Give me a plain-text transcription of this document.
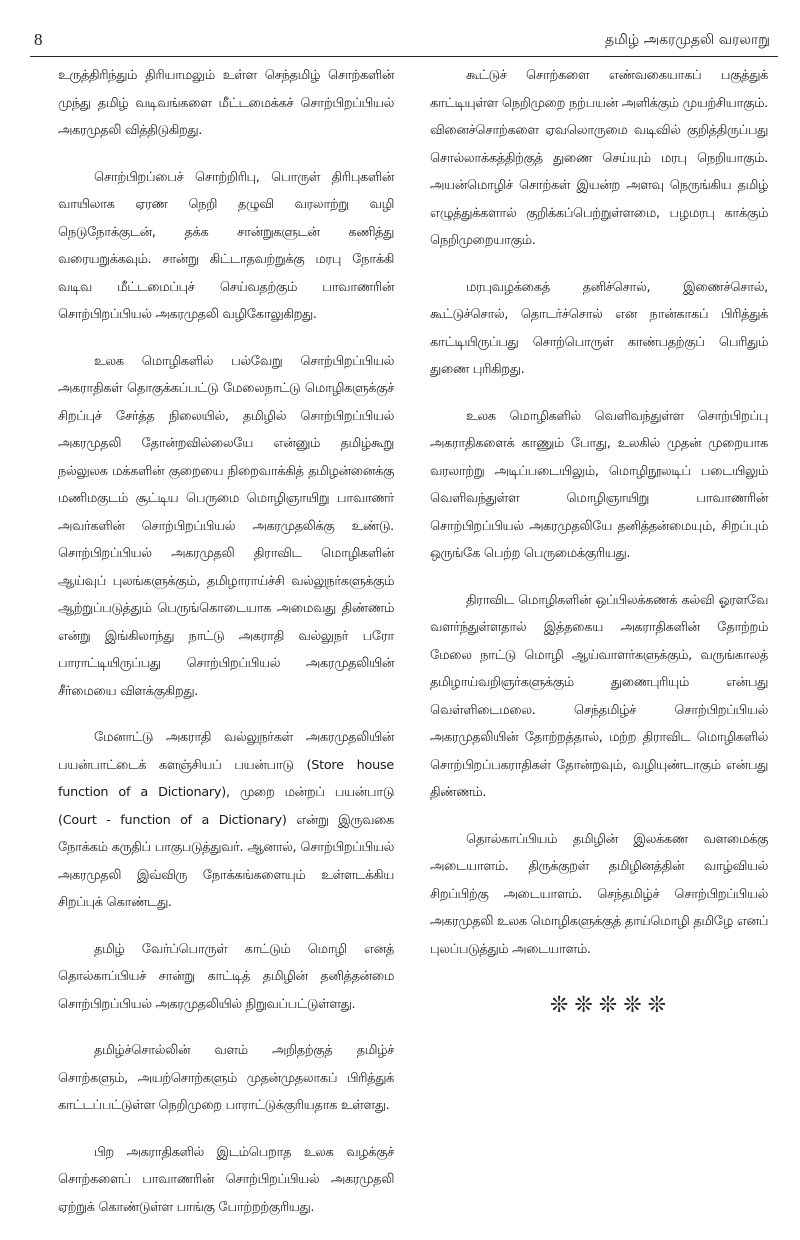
8	தமிழ் அகரமுதலி வரலாறு

உருத்திரிந்தும் திரியாமலும் உள்ள செந்தமிழ் சொற்களின் முந்து தமிழ் வடிவங்களை மீட்டமைக்கச் சொற்பிறப்பியல் அகரமுதலி வித்திடுகிறது.

சொற்பிறப்பைச் சொற்றிரிபு, பொருள் திரிபுகளின் வாயிலாக ஏரண நெறி தழுவி வரலாற்று வழி நெடுநோக்குடன், தக்க சான்றுகளுடன் கணித்து வரையறுக்கவும். சான்று கிட்டாதவற்றுக்கு மரபு நோக்கி வடிவ மீட்டமைப்புச் செய்வதற்கும் பாவாணரின் சொற்பிறப்பியல் அகரமுதலி வழிகோலுகிறது.

உலக மொழிகளில் பல்வேறு சொற்பிறப்பியல் அகராதிகள் தொகுக்கப்பட்டு மேலைநாட்டு மொழிகளுக்குச் சிறப்புச் சேர்த்த நிலையில், தமிழில் சொற்பிறப்பியல் அகரமுதலி தோன்றவில்லையே என்னும் தமிழ்கூறு நல்லுலக மக்களின் குறையை நிறைவாக்கித் தமிழன்னைக்கு மணிமகுடம் சூட்டிய பெருமை மொழிஞாயிறு பாவாணர் அவர்களின் சொற்பிறப்பியல் அகரமுதலிக்கு உண்டு. சொற்பிறப்பியல் அகரமுதலி திராவிட மொழிகளின் ஆய்வுப் புலங்களுக்கும், தமிழாராய்ச்சி வல்லுநர்களுக்கும் ஆற்றுப்படுத்தும் பெருங்கொடையாக அமைவது திண்ணம் என்று இங்கிலாந்து நாட்டு அகராதி வல்லுநர் பரோ பாராட்டியிருப்பது சொற்பிறப்பியல் அகரமுதலியின் சீர்மையை விளக்குகிறது.

மேனாட்டு அகராதி வல்லுநர்கள் அகரமுதலியின் பயன்பாட்டைக் களஞ்சியப் பயன்பாடு (Store house function of a Dictionary), முறை மன்றப் பயன்பாடு (Court - function of a Dictionary) என்று இருவகை நோக்கம் கருதிப் பாகுபடுத்துவர். ஆனால், சொற்பிறப்பியல் அகரமுதலி இவ்விரு நோக்கங்களையும் உள்ளடக்கிய சிறப்புக் கொண்டது.

தமிழ் வேர்ப்பொருள் காட்டும் மொழி எனத் தொல்காப்பியச் சான்று காட்டித் தமிழின் தனித்தன்மை சொற்பிறப்பியல் அகரமுதலியில் நிறுவப்பட்டுள்ளது.

தமிழ்ச்சொல்லின் வளம் அறிதற்குத் தமிழ்ச் சொற்களும், அயற்சொற்களும் முதன்முதலாகப் பிரித்துக் காட்டப்பட்டுள்ள நெறிமுறை பாராட்டுக்குரியதாக உள்ளது.

பிற அகராதிகளில் இடம்பெறாத உலக வழக்குச் சொற்களைப் பாவாணரின் சொற்பிறப்பியல் அகரமுதலி ஏற்றுக் கொண்டுள்ள பாங்கு போற்றற்குரியது.

கூட்டுச் சொற்களை எண்வகையாகப் பகுத்துக் காட்டியுள்ள நெறிமுறை நற்பயன் அளிக்கும் முயற்சியாகும். வினைச்சொற்களை ஏவலொருமை வடிவில் குறித்திருப்பது சொல்லாக்கத்திற்குத் துணை செய்யும் மரபு நெறியாகும். அயன்மொழிச் சொற்கள் இயன்ற அளவு நெருங்கிய தமிழ் எழுத்துக்களால் குறிக்கப்பெற்றுள்ளமை, பழமரபு காக்கும் நெறிமுறையாகும்.

மரபுவழக்கைத் தனிச்சொல், இணைச்சொல், கூட்டுச்சொல், தொடர்ச்சொல் என நான்காகப் பிரித்துக் காட்டியிருப்பது சொற்பொருள் காண்பதற்குப் பெரிதும் துணை புரிகிறது.

உலக மொழிகளில் வெளிவந்துள்ள சொற்பிறப்பு அகராதிகளைக் காணும் போது, உலகில் முதன் முறையாக வரலாற்று அடிப்படையிலும், மொழிநூலடிப் படையிலும் வெளிவந்துள்ள மொழிஞாயிறு பாவாணரின் சொற்பிறப்பியல் அகரமுதலியே தனித்தன்மையும், சிறப்பும் ஒருங்கே பெற்ற பெருமைக்குரியது.

திராவிட மொழிகளின் ஒப்பிலக்கணக் கல்வி ஓரளவே வளர்ந்துள்ளதால் இத்தகைய அகராதிகளின் தோற்றம் மேலை நாட்டு மொழி ஆய்வாளர்களுக்கும், வருங்காலத் தமிழாய்வறிஞர்களுக்கும் துணைபுரியும் என்பது வெள்ளிடைமலை. செந்தமிழ்ச் சொற்பிறப்பியல் அகரமுதலியின் தோற்றத்தால், மற்ற திராவிட மொழிகளில் சொற்பிறப்பகராதிகள் தோன்றவும், வழியுண்டாகும் என்பது திண்ணம்.

தொல்காப்பியம் தமிழின் இலக்கண வளமைக்கு அடையாளம். திருக்குறள் தமிழினத்தின் வாழ்வியல் சிறப்பிற்கு அடையாளம். செந்தமிழ்ச் சொற்பிறப்பியல் அகரமுதலி உலக மொழிகளுக்குத் தாய்மொழி தமிழே எனப் புலப்படுத்தும் அடையாளம்.

❊❊❊❊❊
